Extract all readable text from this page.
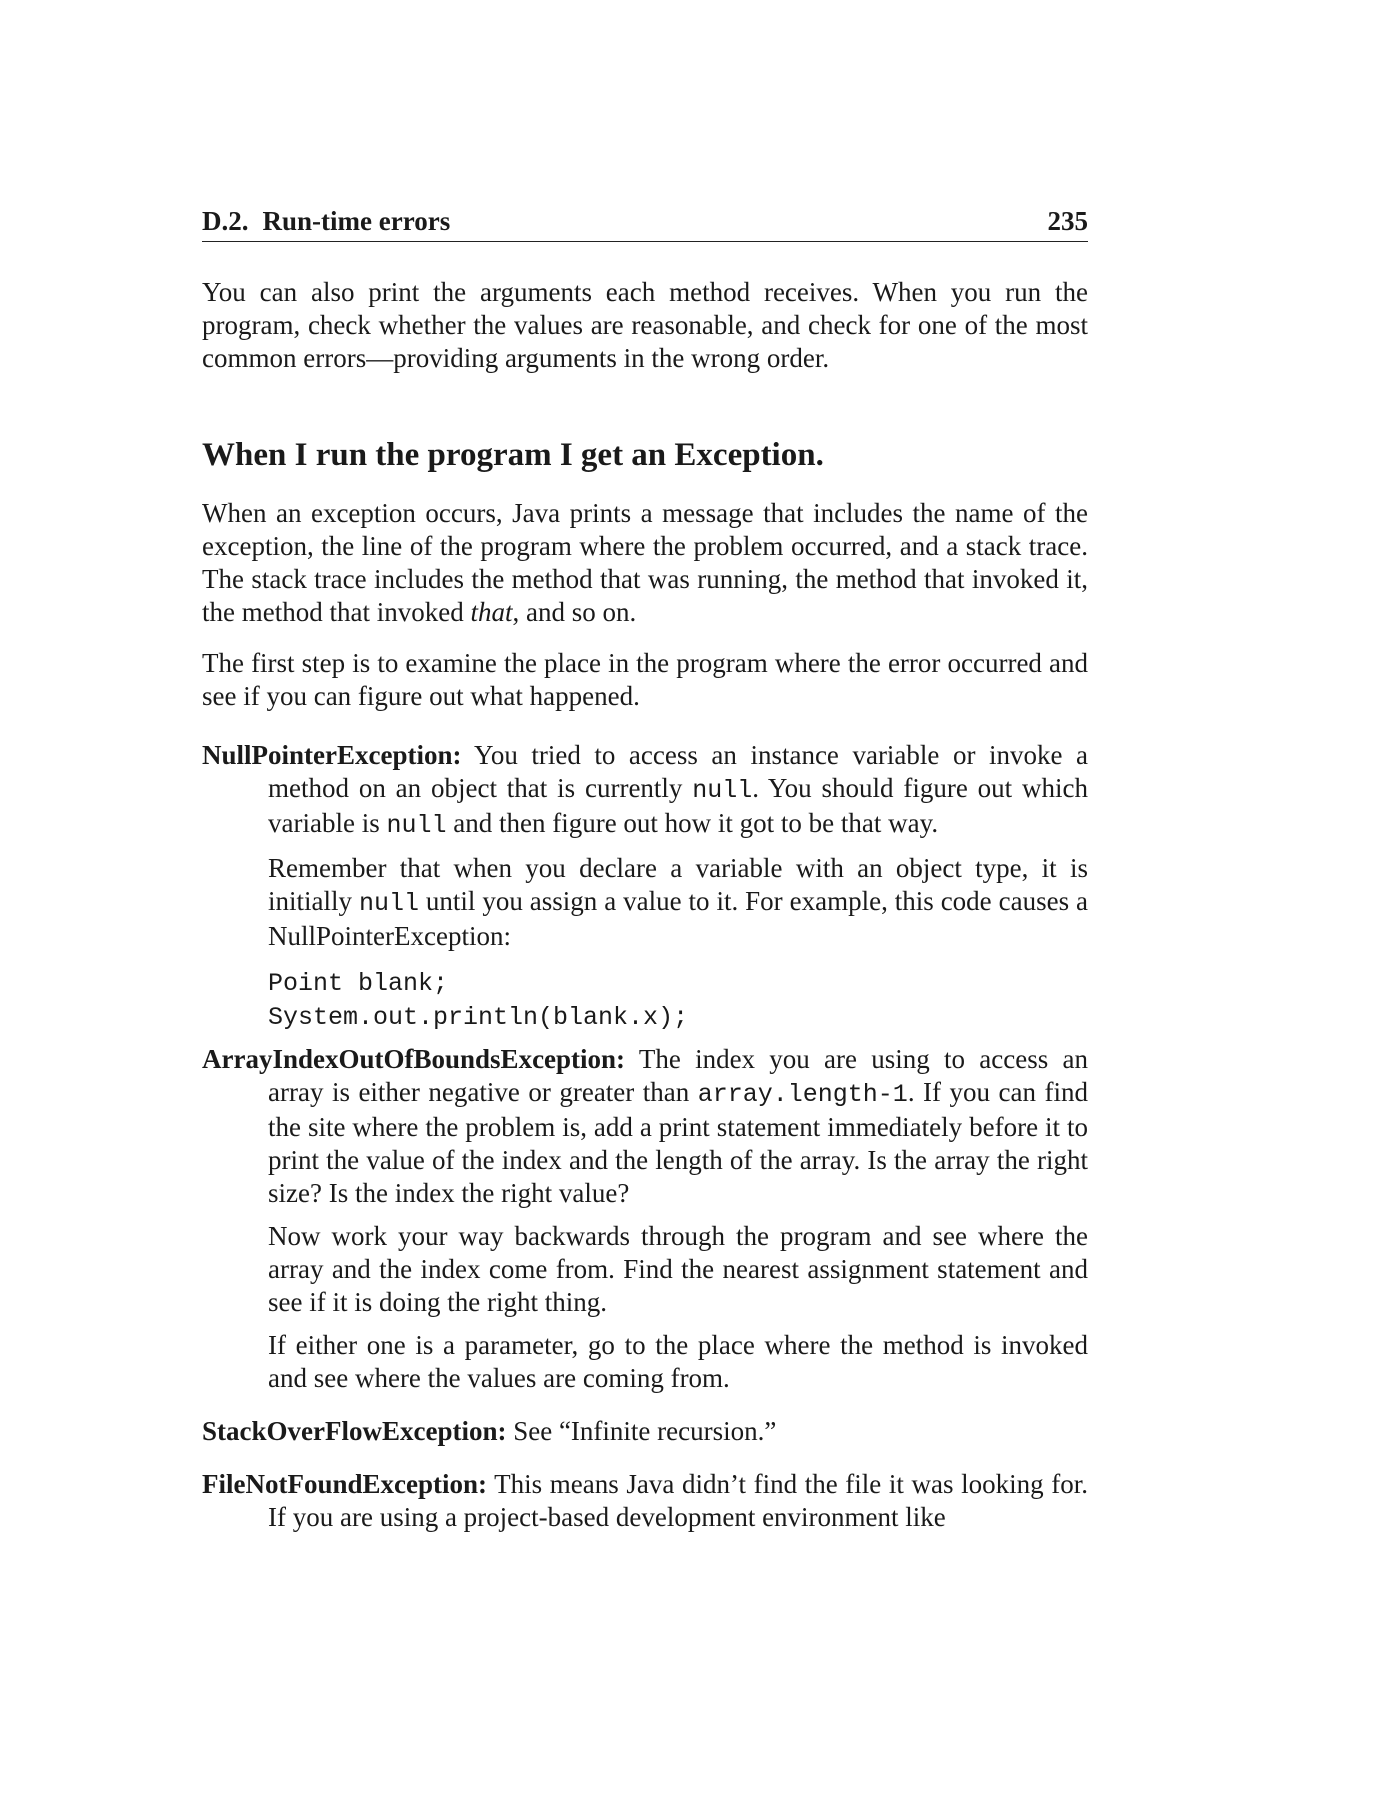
D.2. Run-time errors	235

You can also print the arguments each method receives. When you run the program, check whether the values are reasonable, and check for one of the most common errors—providing arguments in the wrong order.

When I run the program I get an Exception.

When an exception occurs, Java prints a message that includes the name of the exception, the line of the program where the problem occurred, and a stack trace. The stack trace includes the method that was running, the method that invoked it, the method that invoked that, and so on.

The first step is to examine the place in the program where the error occurred and see if you can figure out what happened.

NullPointerException: You tried to access an instance variable or invoke a method on an object that is currently null. You should figure out which variable is null and then figure out how it got to be that way.
Remember that when you declare a variable with an object type, it is initially null until you assign a value to it. For example, this code causes a NullPointerException:
Point blank;
System.out.println(blank.x);
ArrayIndexOutOfBoundsException: The index you are using to access an array is either negative or greater than array.length-1. If you can find the site where the problem is, add a print statement immediately before it to print the value of the index and the length of the array. Is the array the right size? Is the index the right value?
Now work your way backwards through the program and see where the array and the index come from. Find the nearest assignment statement and see if it is doing the right thing.
If either one is a parameter, go to the place where the method is invoked and see where the values are coming from.
StackOverFlowException: See “Infinite recursion.”
FileNotFoundException: This means Java didn’t find the file it was looking for. If you are using a project-based development environment like
